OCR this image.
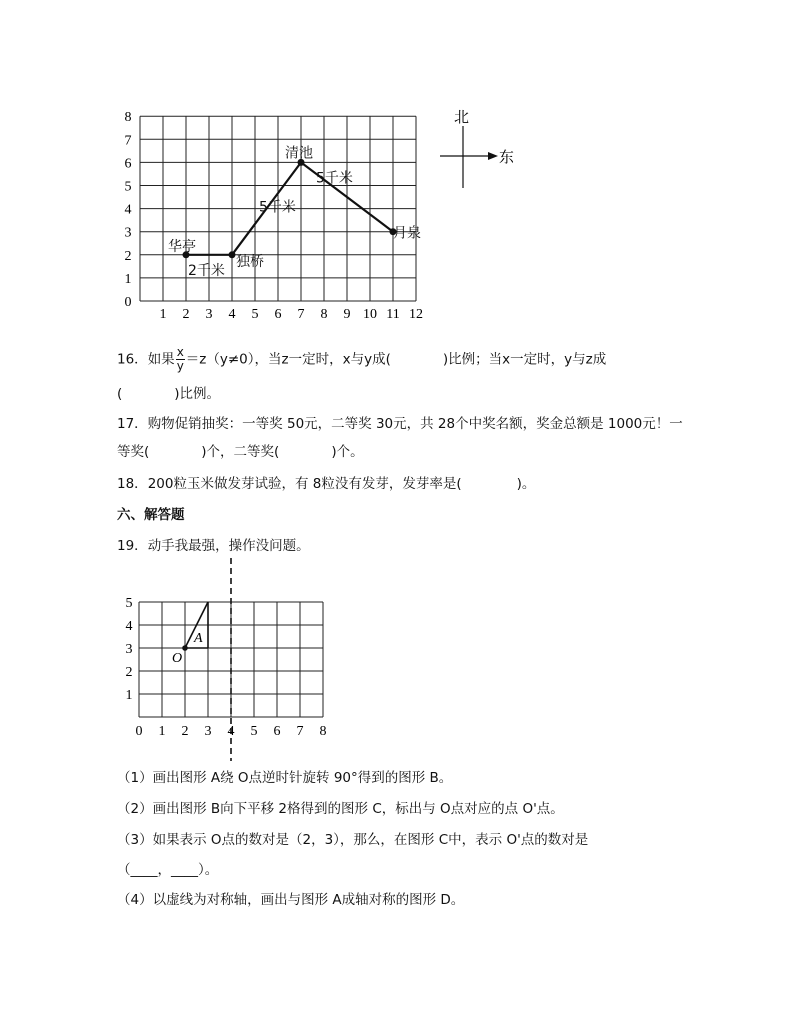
0
1
2
3
4
5
6
7
8
1 2 3 4 5 6 7 8 9 10 11 12
华亭
独桥
清池
月泉
2千米
5千米
5千米
北
东
16．如果 $\frac{x}{y} =z(y\ne 0)$，当z一定时，x与y成(	)比例；当x一定时，y与z成
(	)比例。
17．购物促销抽奖：一等奖 50元，二等奖 30元，共 28个中奖名额，奖金总额是 1000元！一
等奖(	)个，二等奖(	)个。
18．200粒玉米做发芽试验，有 8粒没有发芽，发芽率是(	)。
六、解答题
19．动手我最强，操作没问题。
1
2
3
4
5
0 1 2 3 4 5 6 7 8
O
A
（1）画出图形 A绕 O点逆时针旋转 90°得到的图形 B。
（2）画出图形 B向下平移 2格得到的图形 C，标出与 O点对应的点 O'点。
（3）如果表示 O点的数对是（2，3），那么，在图形 C中，表示 O'点的数对是
（____，____）。
（4）以虚线为对称轴，画出与图形 A成轴对称的图形 D。
